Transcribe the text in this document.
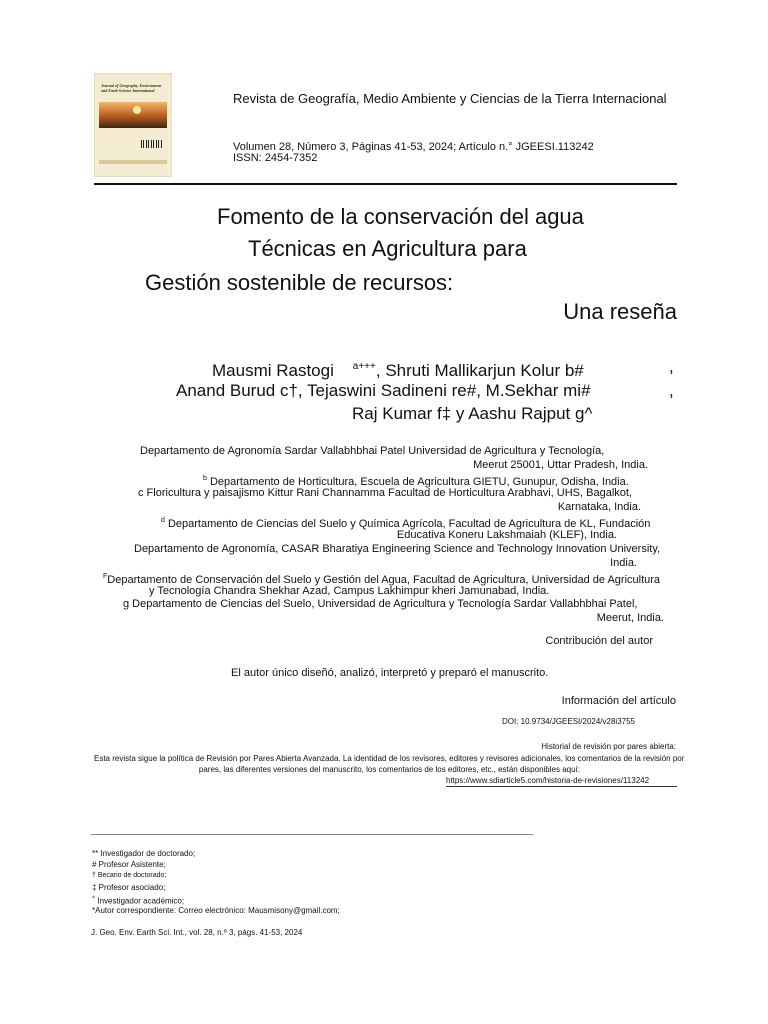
Journal of Geography, Environment and Earth Science International

Revista de Geografía, Medio Ambiente y Ciencias de la Tierra Internacional

Volumen 28, Número 3, Páginas 41-53, 2024; Artículo n.° JGEESI.113242
ISSN: 2454-7352
Fomento de la conservación del agua
Técnicas en Agricultura para
Gestión sostenible de recursos:
Una reseña
Mausmi Rastogi $^{a+++}$, Shruti Mallikarjun Kolur b#	,
Anand Burud c†, Tejaswini Sadineni re#, M.Sekhar mi#	,
Raj Kumar f‡ y Aashu Rajput g^
Departamento de Agronomía Sardar Vallabhbhai Patel Universidad de Agricultura y Tecnología,
Meerut 25001, Uttar Pradesh, India.
$^b$ Departamento de Horticultura, Escuela de Agricultura GIETU, Gunupur, Odisha, India.
c Floricultura y paisajismo Kittur Rani Channamma Facultad de Horticultura Arabhavi, UHS, Bagalkot,
Karnataka, India.
$^d$ Departamento de Ciencias del Suelo y Química Agrícola, Facultad de Agricultura de KL, Fundación
Educativa Koneru Lakshmaiah (KLEF), India.
Departamento de Agronomía, CASAR Bharatiya Engineering Science and Technology Innovation University,
India.
$^F$Departamento de Conservación del Suelo y Gestión del Agua, Facultad de Agricultura, Universidad de Agricultura
y Tecnología Chandra Shekhar Azad, Campus Lakhimpur kheri Jamunabad, India.
g Departamento de Ciencias del Suelo, Universidad de Agricultura y Tecnología Sardar Vallabhbhai Patel,
Meerut, India.
Contribución del autor
El autor único diseñó, analizó, interpretó y preparó el manuscrito.
Información del artículo
DOI: 10.9734/JGEESI/2024/v28i3755
Historial de revisión por pares abierta:
Esta revista sigue la política de Revisión por Pares Abierta Avanzada. La identidad de los revisores, editores y revisores adicionales, los comentarios de la revisión por
pares, las diferentes versiones del manuscrito, los comentarios de los editores, etc., están disponibles aquí:
https://www.sdiarticle5.com/historia-de-revisiones/113242
** Investigador de doctorado;
# Profesor Asistente;
† Becario de doctorado;
‡ Profesor asociado;
^ Investigador académico;
*Autor correspondiente: Correo electrónico: Mausmisony@gmail.com;
J. Geo. Env. Earth Sci. Int., vol. 28, n.º 3, págs. 41-53, 2024
